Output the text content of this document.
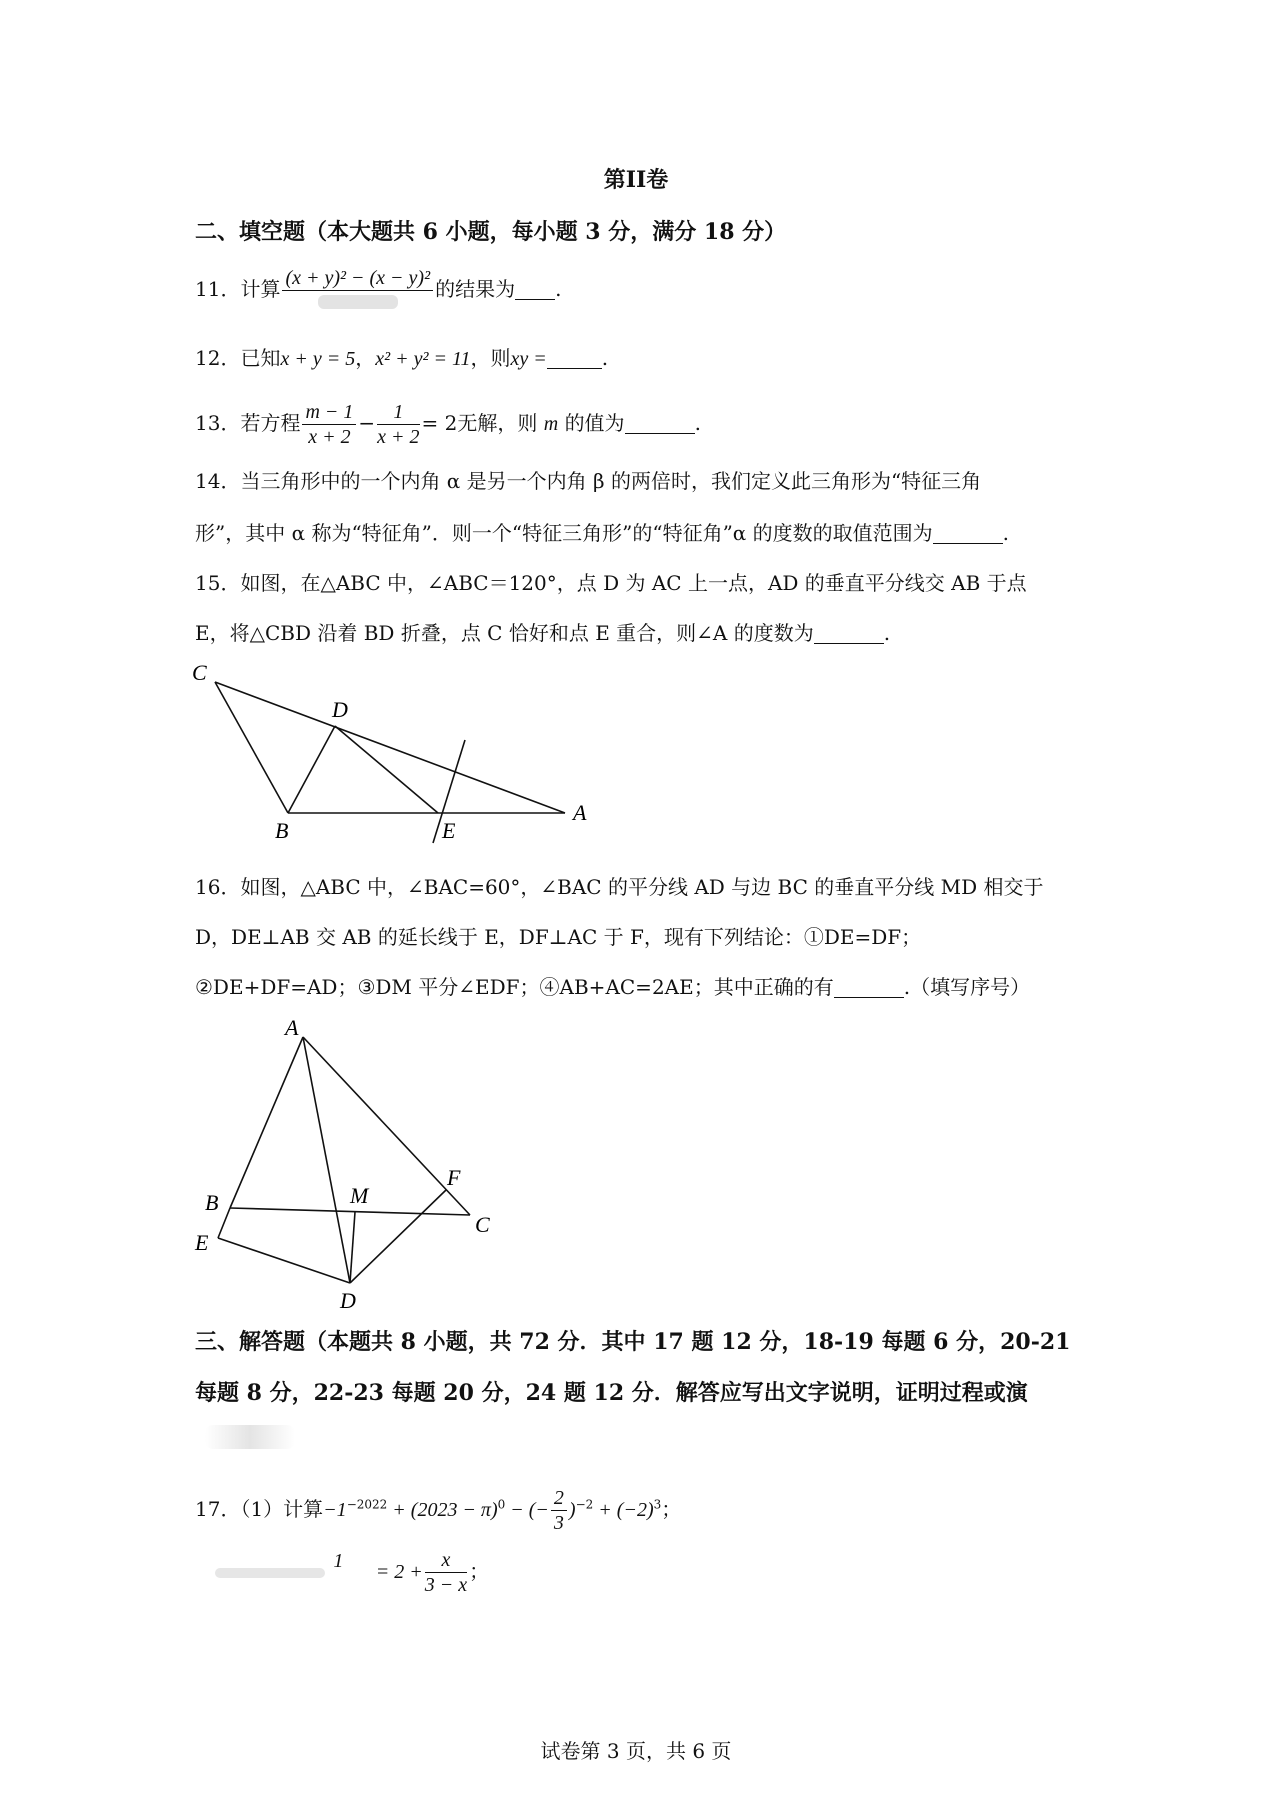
第II卷
二、填空题（本大题共 6 小题，每小题 3 分，满分 18 分）
11．计算 (x + y)² − (x − y)² 的结果为 .
12．已知x + y = 5，x² + y² = 11，则xy =	.
13．若方程 $\frac{m - 1}{x + 2} - \frac{1}{x + 2} = 2$无解，则 m 的值为	.
14．当三角形中的一个内角 α 是另一个内角 β 的两倍时，我们定义此三角形为“特征三角
形”，其中 α 称为“特征角”．则一个“特征三角形”的“特征角”α 的度数的取值范围为	.
15．如图，在△ABC 中，∠ABC＝120°，点 D 为 AC 上一点，AD 的垂直平分线交 AB 于点
E，将△CBD 沿着 BD 折叠，点 C 恰好和点 E 重合，则∠A 的度数为	.
C
D
B	E
A
16．如图，△ABC 中，∠BAC=60°，∠BAC 的平分线 AD 与边 BC 的垂直平分线 MD 相交于
D，DE⊥AB 交 AB 的延长线于 E，DF⊥AC 于 F，现有下列结论：①DE=DF；
②DE+DF=AD；③DM 平分∠EDF；④AB+AC=2AE；其中正确的有	.（填写序号）
A
B
E
M
F
C
D
三、解答题（本题共 8 小题，共 72 分．其中 17 题 12 分，18-19 每题 6 分，20-21
每题 8 分，22-23 每题 20 分，24 题 12 分．解答应写出文字说明，证明过程或演
17．（1）计算$-1^{-2022} + (2023 - \pi)^0$ − (− $\frac{2}{3} )^{-2} + (-2)^3$；

1
= $2 + \frac{x}{3 - x}$ ；
试卷第 3 页，共 6 页
